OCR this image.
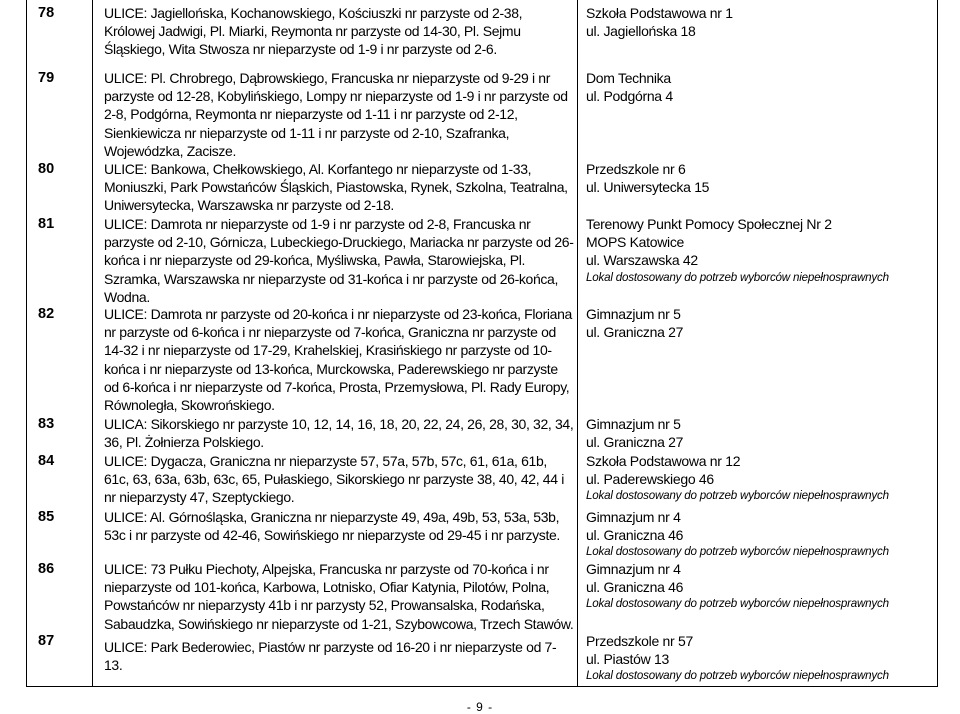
78	ULICE: Jagiellońska, Kochanowskiego, Kościuszki nr parzyste od 2-38, Królowej Jadwigi, Pl. Miarki, Reymonta nr parzyste od 14-30, Pl. Sejmu Śląskiego, Wita Stwosza nr nieparzyste od 1-9 i nr parzyste od 2-6.
Szkoła Podstawowa nr 1
ul. Jagiellońska 18
79	ULICE: Pl. Chrobrego, Dąbrowskiego, Francuska nr nieparzyste od 9-29 i nr parzyste od 12-28, Kobylińskiego, Lompy nr nieparzyste od 1-9 i nr parzyste od 2-8, Podgórna, Reymonta nr nieparzyste od 1-11 i nr parzyste od 2-12, Sienkiewicza nr nieparzyste od 1-11 i nr parzyste od 2-10, Szafranka, Wojewódzka, Zacisze.
Dom Technika
ul. Podgórna 4
80	ULICE: Bankowa, Chełkowskiego, Al. Korfantego nr nieparzyste od 1-33, Moniuszki, Park Powstańców Śląskich, Piastowska, Rynek, Szkolna, Teatralna, Uniwersytecka, Warszawska nr parzyste od 2-18.
Przedszkole nr 6
ul. Uniwersytecka 15
81	ULICE: Damrota nr nieparzyste od 1-9 i nr parzyste od 2-8, Francuska nr parzyste od 2-10, Górnicza, Lubeckiego-Druckiego, Mariacka nr parzyste od 26-końca i nr nieparzyste od 29-końca, Myśliwska, Pawła, Starowiejska, Pl. Szramka, Warszawska nr nieparzyste od 31-końca i nr parzyste od 26-końca, Wodna.
Terenowy Punkt Pomocy Społecznej Nr 2
MOPS Katowice
ul. Warszawska 42
Lokal dostosowany do potrzeb wyborców niepełnosprawnych
82	ULICE: Damrota nr parzyste od 20-końca i nr nieparzyste od 23-końca, Floriana nr parzyste od 6-końca i nr nieparzyste od 7-końca, Graniczna nr parzyste od 14-32 i nr nieparzyste od 17-29, Krahelskiej, Krasińskiego nr parzyste od 10-końca i nr nieparzyste od 13-końca, Murckowska, Paderewskiego nr parzyste od 6-końca i nr nieparzyste od 7-końca, Prosta, Przemysłowa, Pl. Rady Europy, Równoległa, Skowrońskiego.
Gimnazjum nr 5
ul. Graniczna 27
83	ULICA: Sikorskiego nr parzyste 10, 12, 14, 16, 18, 20, 22, 24, 26, 28, 30, 32, 34, 36, Pl. Żołnierza Polskiego.
Gimnazjum nr 5
ul. Graniczna 27
84	ULICE: Dygacza, Graniczna nr nieparzyste 57, 57a, 57b, 57c, 61, 61a, 61b, 61c, 63, 63a, 63b, 63c, 65, Pułaskiego, Sikorskiego nr parzyste 38, 40, 42, 44 i nr nieparzysty 47, Szeptyckiego.
Szkoła Podstawowa nr 12
ul. Paderewskiego 46
Lokal dostosowany do potrzeb wyborców niepełnosprawnych
85	ULICE: Al. Górnośląska, Graniczna nr nieparzyste 49, 49a, 49b, 53, 53a, 53b, 53c i nr parzyste od 42-46, Sowińskiego nr nieparzyste od 29-45 i nr parzyste.
Gimnazjum nr 4
ul. Graniczna 46
Lokal dostosowany do potrzeb wyborców niepełnosprawnych
86	ULICE: 73 Pułku Piechoty, Alpejska, Francuska nr parzyste od 70-końca i nr nieparzyste od 101-końca, Karbowa, Lotnisko, Ofiar Katynia, Pilotów, Polna, Powstańców nr nieparzysty 41b i nr parzysty 52, Prowansalska, Rodańska, Sabaudzka, Sowińskiego nr nieparzyste od 1-21, Szybowcowa, Trzech Stawów.
Gimnazjum nr 4
ul. Graniczna 46
Lokal dostosowany do potrzeb wyborców niepełnosprawnych
87	ULICE: Park Bederowiec, Piastów nr parzyste od 16-20 i nr nieparzyste od 7-13.
Przedszkole nr 57
ul. Piastów 13
Lokal dostosowany do potrzeb wyborców niepełnosprawnych
- 9 -
